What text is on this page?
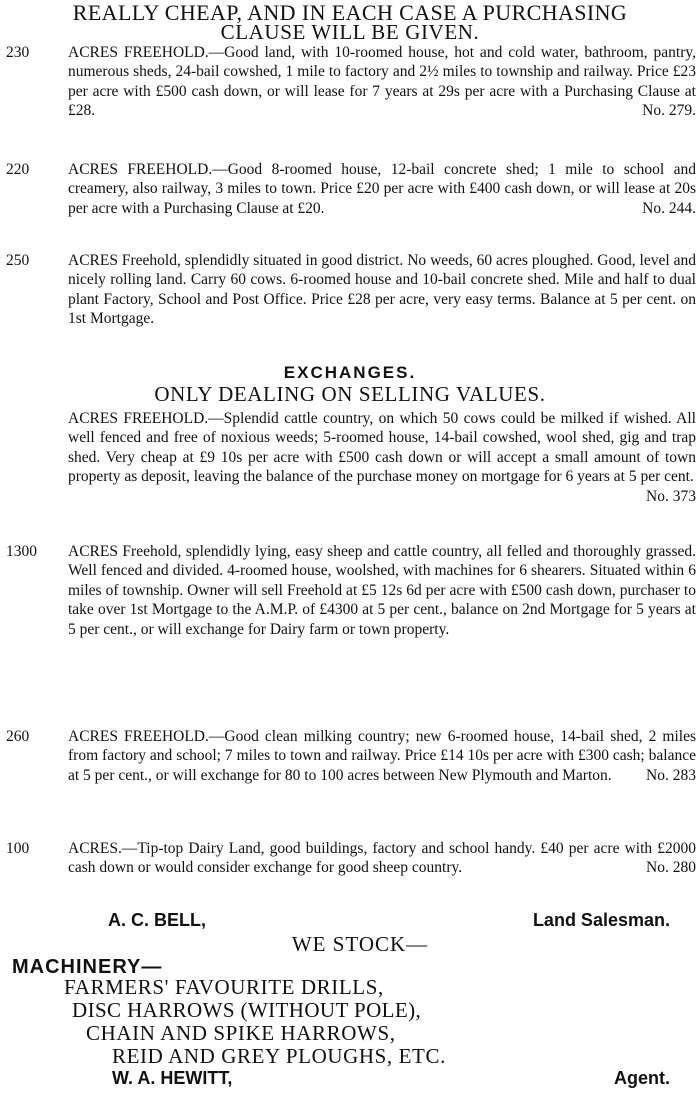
REALLY CHEAP, AND IN EACH CASE A PURCHASING
CLAUSE WILL BE GIVEN.
230	ACRES FREEHOLD.—Good land, with 10-roomed house, hot and cold water, bathroom, pantry, numerous sheds, 24-bail cowshed, 1 mile to factory and 2½ miles to township and railway. Price £23 per acre with £500 cash down, or will lease for 7 years at 29s per acre with a Purchasing Clause at £28.	No. 279.
220	ACRES FREEHOLD.—Good 8-roomed house, 12-bail concrete shed; 1 mile to school and creamery, also railway, 3 miles to town. Price £20 per acre with £400 cash down, or will lease at 20s per acre with a Purchasing Clause at £20.	No. 244.
250	ACRES Freehold, splendidly situated in good district. No weeds, 60 acres ploughed. Good, level and nicely rolling land. Carry 60 cows. 6-roomed house and 10-bail concrete shed. Mile and half to dual plant Factory, School and Post Office. Price £28 per acre, very easy terms. Balance at 5 per cent. on 1st Mortgage.
EXCHANGES.
ONLY DEALING ON SELLING VALUES.
ACRES FREEHOLD.—Splendid cattle country, on which 50 cows could be milked if wished. All well fenced and free of noxious weeds; 5-roomed house, 14-bail cowshed, wool shed, gig and trap shed. Very cheap at £9 10s per acre with £500 cash down or will accept a small amount of town property as deposit, leaving the balance of the purchase money on mortgage for 6 years at 5 per cent.
No. 373
1300 ACRES Freehold, splendidly lying, easy sheep and cattle country, all felled and thoroughly grassed. Well fenced and divided. 4-roomed house, woolshed, with machines for 6 shearers. Situated within 6 miles of township. Owner will sell Freehold at £5 12s 6d per acre with £500 cash down, purchaser to take over 1st Mortgage to the A.M.P. of £4300 at 5 per cent., balance on 2nd Mortgage for 5 years at 5 per cent., or will exchange for Dairy farm or town property.
260	ACRES FREEHOLD.—Good clean milking country; new 6-roomed house, 14-bail shed, 2 miles from factory and school; 7 miles to town and railway. Price £14 10s per acre with £300 cash; balance at 5 per cent., or will exchange for 80 to 100 acres between New Plymouth and Marton. No. 283
100	ACRES.—Tip-top Dairy Land, good buildings, factory and school handy. £40 per acre with £2000 cash down or would consider exchange for good sheep country.	No. 280
A. C. BELL,	Land Salesman.
WE STOCK—
MACHINERY—
FARMERS' FAVOURITE DRILLS,
DISC HARROWS (WITHOUT POLE),
CHAIN AND SPIKE HARROWS,
REID AND GREY PLOUGHS, ETC.
W. A. HEWITT,	Agent.
